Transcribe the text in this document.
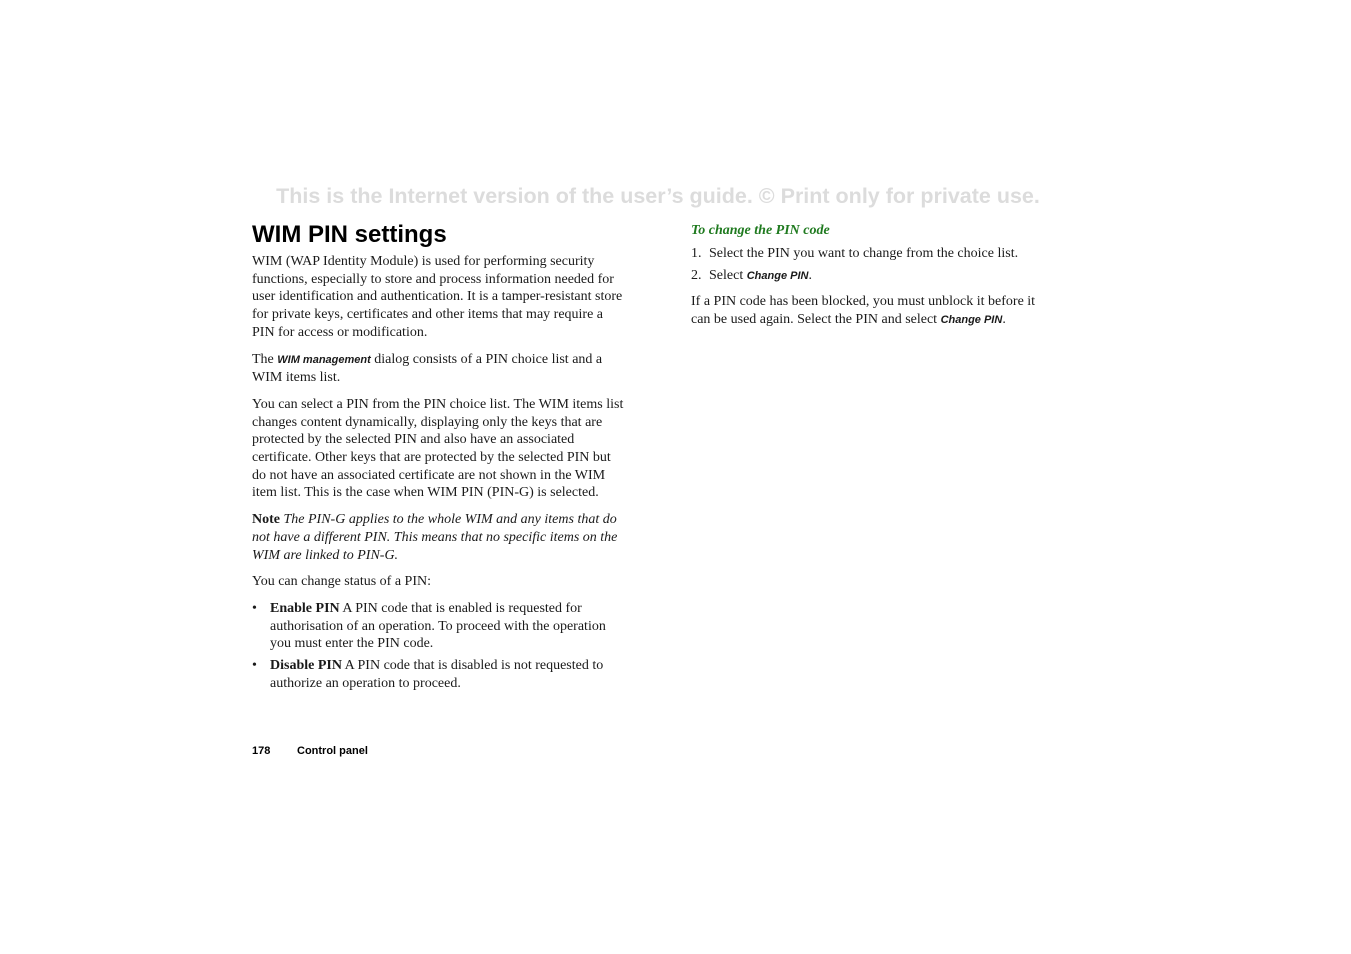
This is the Internet version of the user’s guide. © Print only for private use.
WIM PIN settings

WIM (WAP Identity Module) is used for performing security functions, especially to store and process information needed for user identification and authentication. It is a tamper-resistant store for private keys, certificates and other items that may require a PIN for access or modification.

The WIM management dialog consists of a PIN choice list and a WIM items list.

You can select a PIN from the PIN choice list. The WIM items list changes content dynamically, displaying only the keys that are protected by the selected PIN and also have an associated certificate. Other keys that are protected by the selected PIN but do not have an associated certificate are not shown in the WIM item list. This is the case when WIM PIN (PIN-G) is selected.

Note The PIN-G applies to the whole WIM and any items that do not have a different PIN. This means that no specific items on the WIM are linked to PIN-G.

You can change status of a PIN:

• Enable PIN A PIN code that is enabled is requested for authorisation of an operation. To proceed with the operation you must enter the PIN code.
• Disable PIN A PIN code that is disabled is not requested to authorize an operation to proceed.
To change the PIN code
1. Select the PIN you want to change from the choice list.
2. Select Change PIN.

If a PIN code has been blocked, you must unblock it before it can be used again. Select the PIN and select Change PIN.

178 Control panel
